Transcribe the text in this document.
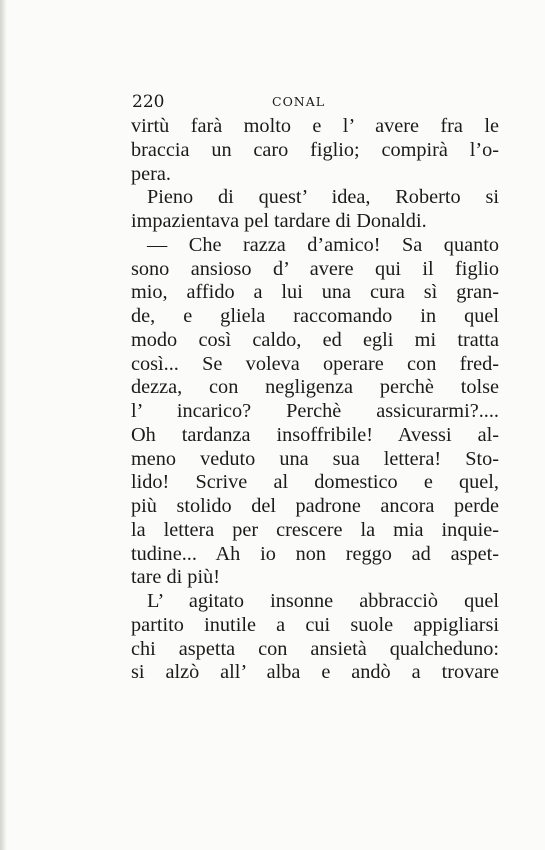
220	CONAL
virtù farà molto e l’ avere fra le
braccia un caro figlio; compirà l’o-
pera.
Pieno di quest’ idea, Roberto si
impazientava pel tardare di Donaldi.
— Che razza d’amico! Sa quanto
sono ansioso d’ avere qui il figlio
mio, affido a lui una cura sì gran-
de, e gliela raccomando in quel
modo così caldo, ed egli mi tratta
così... Se voleva operare con fred-
dezza, con negligenza perchè tolse
l’ incarico? Perchè assicurarmi?....
Oh tardanza insoffribile! Avessi al-
meno veduto una sua lettera! Sto-
lido! Scrive al domestico e quel,
più stolido del padrone ancora perde
la lettera per crescere la mia inquie-
tudine... Ah io non reggo ad aspet-
tare di più!
L’ agitato insonne abbracciò quel
partito inutile a cui suole appigliarsi
chi aspetta con ansietà qualcheduno:
si alzò all’ alba e andò a trovare
